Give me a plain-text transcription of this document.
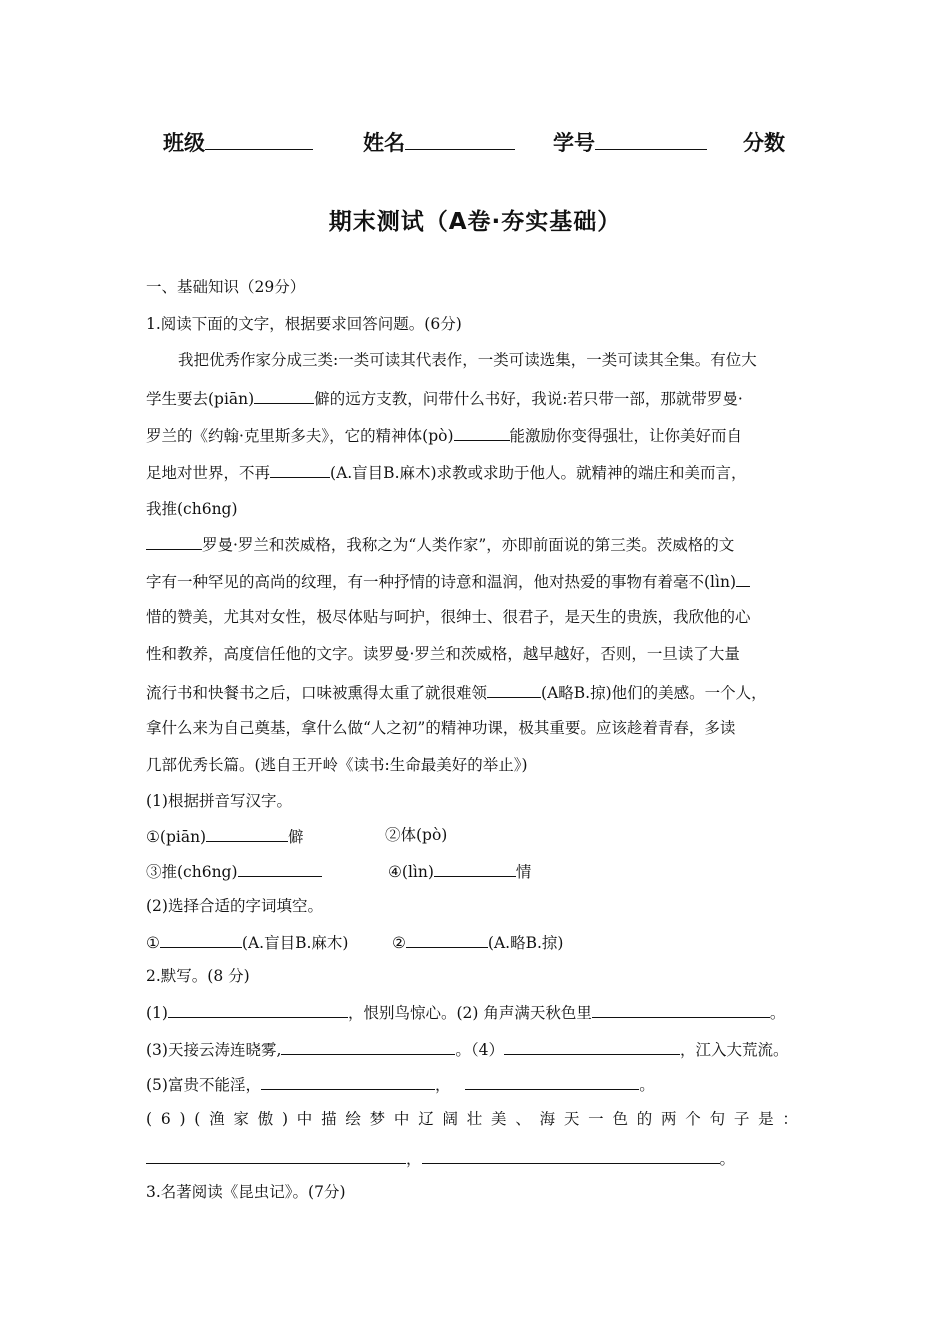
班级	姓名	学号	分数
期末测试（A卷·夯实基础）
一、基础知识（29分）
1.阅读下面的文字，根据要求回答问题。(6分)
我把优秀作家分成三类:一类可读其代表作，一类可读选集，一类可读其全集。有位大
学生要去(piān)	僻的远方支教，问带什么书好，我说:若只带一部，那就带罗曼·
罗兰的《约翰·克里斯多夫》，它的精神体(pò)	能激励你变得强壮，让你美好而自
足地对世界，不再	(A.盲目B.麻木)求教或求助于他人。就精神的端庄和美而言，
我推(ch6ng)
罗曼·罗兰和茨威格，我称之为“人类作家”，亦即前面说的第三类。茨威格的文
字有一种罕见的高尚的纹理，有一种抒情的诗意和温润，他对热爱的事物有着毫不(lìn)
惜的赞美，尤其对女性，极尽体贴与呵护，很绅士、很君子，是天生的贵族，我欣他的心
性和教养，高度信任他的文字。读罗曼·罗兰和茨威格，越早越好，否则，一旦读了大量
流行书和快餐书之后，口味被熏得太重了就很难领	(A略B.掠)他们的美感。一个人，
拿什么来为自己奠基，拿什么做“人之初”的精神功课，极其重要。应该趁着青春，多读
几部优秀长篇。(逃自王开岭《读书:生命最美好的举止》)
(1)根据拼音写汉字。
①(piān)	僻	②体(pò)
③推(ch6ng)	④(lìn)	情
(2)选择合适的字词填空。
①	(A.盲目B.麻木)	②	(A.略B.掠)
2.默写。(8 分)
(1)	，恨别鸟惊心。(2) 角声满天秋色里	。
(3)天接云涛连晓雾,	。（4）	，江入大荒流。
(5)富贵不能淫，	，	。
( 6 ) ( 渔 家 傲 ) 中 描 绘 梦 中 辽 阔 壮 美 、 海 天 一 色 的 两 个 句 子 是 ：
，	。
3.名著阅读《昆虫记》。(7分)
